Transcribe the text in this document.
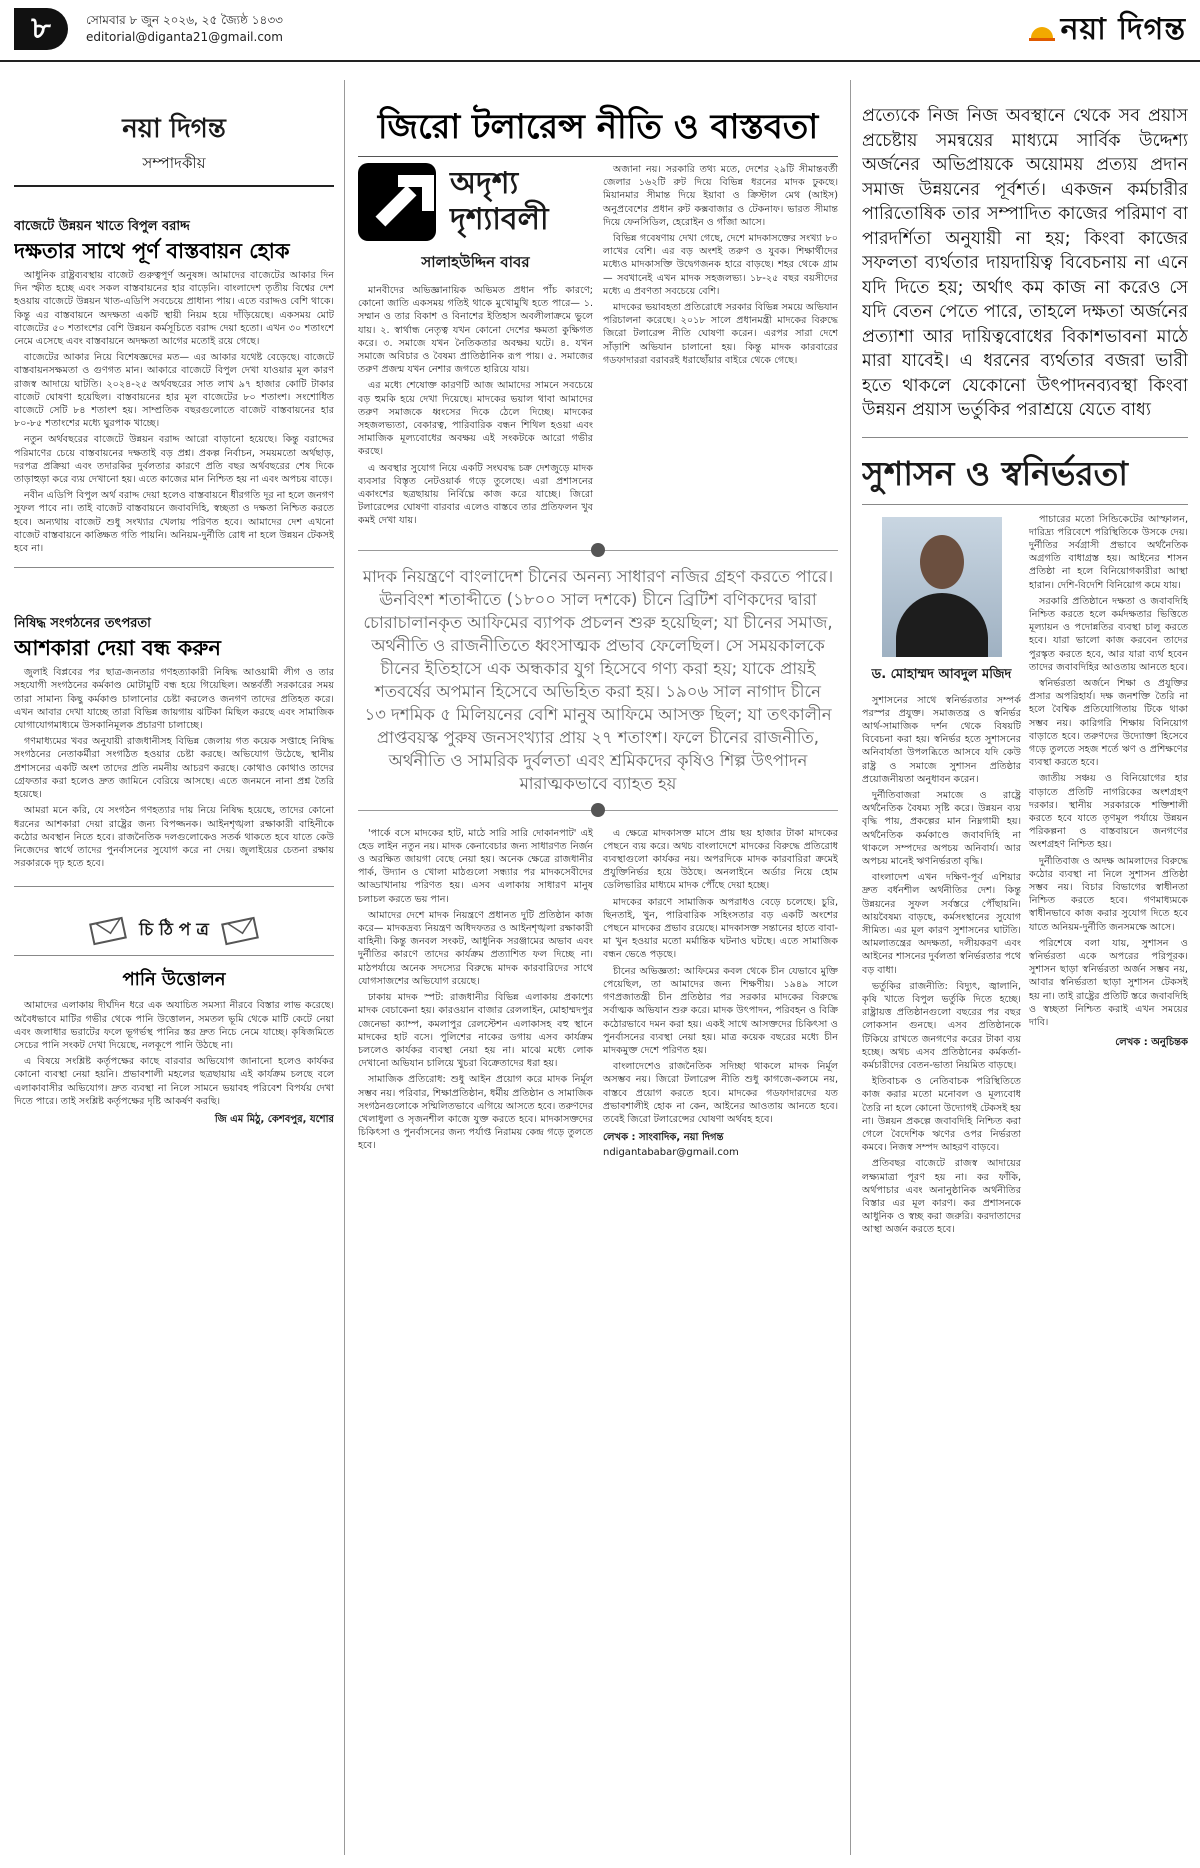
৮	সোমবার ৮ জুন ২০২৬, ২৫ জ্যৈষ্ঠ ১৪৩৩
editorial@diganta21@gmail.com	নয়া দিগন্ত
নয়া দিগন্ত
সম্পাদকীয়
বাজেটে উন্নয়ন খাতে বিপুল বরাদ্দ
দক্ষতার সাথে পূর্ণ বাস্তবায়ন হোক

আধুনিক রাষ্ট্রব্যবস্থায় বাজেট গুরুত্বপূর্ণ অনুষঙ্গ। আমাদের বাজেটের আকার দিন দিন স্ফীত হচ্ছে এবং সকল বাস্তবায়নের হার বাড়েনি। বাংলাদেশ তৃতীয় বিশ্বের দেশ হওয়ায় বাজেটে উন্নয়ন খাত-এডিপি সবচেয়ে প্রাধান্য পায়। এতে বরাদ্দও বেশি থাকে। কিন্তু এর বাস্তবায়নে অদক্ষতা একটি স্থায়ী নিয়ম হয়ে দাঁড়িয়েছে। একসময় মোট বাজেটের ৫০ শতাংশের বেশি উন্নয়ন কর্মসূচিতে বরাদ্দ দেয়া হতো। এখন ৩০ শতাংশে নেমে এসেছে এবং বাস্তবায়নে অদক্ষতা আগের মতোই রয়ে গেছে।

বাজেটের আকার নিয়ে বিশেষজ্ঞদের মত— এর আকার যথেষ্ট বেড়েছে। বাজেটে বাস্তবায়নসক্ষমতা ও গুণগত মান। আকারে বাজেটে বিপুল দেখা যাওয়ার মূল কারণ রাজস্ব আদায়ে ঘাটতি। ২০২৪-২৫ অর্থবছরের সাত লাখ ৯৭ হাজার কোটি টাকার বাজেট ঘোষণা হয়েছিল। বাস্তবায়নের হার মূল বাজেটের ৮০ শতাংশ। সংশোধিত বাজেটে সেটি ৮৪ শতাংশ হয়। সাম্প্রতিক বছরগুলোতে বাজেট বাস্তবায়নের হার ৮০-৮৫ শতাংশের মধ্যে ঘুরপাক খাচ্ছে।

নতুন অর্থবছরের বাজেটে উন্নয়ন বরাদ্দ আরো বাড়ানো হয়েছে। কিন্তু বরাদ্দের পরিমাণের চেয়ে বাস্তবায়নের দক্ষতাই বড় প্রশ্ন। প্রকল্প নির্বাচন, সময়মতো অর্থছাড়, দরপত্র প্রক্রিয়া এবং তদারকির দুর্বলতার কারণে প্রতি বছর অর্থবছরের শেষ দিকে তাড়াহুড়া করে ব্যয় দেখানো হয়। এতে কাজের মান নিশ্চিত হয় না এবং অপচয় বাড়ে।

নবীন এডিপি বিপুল অর্থ বরাদ্দ দেয়া হলেও বাস্তবায়নে ধীরগতি দূর না হলে জনগণ সুফল পাবে না। তাই বাজেট বাস্তবায়নে জবাবদিহি, স্বচ্ছতা ও দক্ষতা নিশ্চিত করতে হবে। অন্যথায় বাজেট শুধু সংখ্যার খেলায় পরিণত হবে। আমাদের দেশ এখনো বাজেট বাস্তবায়নে কাঙ্ক্ষিত গতি পায়নি। অনিয়ম-দুর্নীতি রোধ না হলে উন্নয়ন টেকসই হবে না।

নিষিদ্ধ সংগঠনের তৎপরতা
আশকারা দেয়া বন্ধ করুন

জুলাই বিপ্লবের পর ছাত্র-জনতার গণহত্যাকারী নিষিদ্ধ আওয়ামী লীগ ও তার সহযোগী সংগঠনের কর্মকাণ্ড মোটামুটি বন্ধ হয়ে গিয়েছিল। অন্তর্বর্তী সরকারের সময় তারা সামান্য কিছু কর্মকাণ্ড চালানোর চেষ্টা করলেও জনগণ তাদের প্রতিহত করে। এখন আবার দেখা যাচ্ছে তারা বিভিন্ন জায়গায় ঝটিকা মিছিল করছে এবং সামাজিক যোগাযোগমাধ্যমে উসকানিমূলক প্রচারণা চালাচ্ছে।

গণমাধ্যমের খবর অনুযায়ী রাজধানীসহ বিভিন্ন জেলায় গত কয়েক সপ্তাহে নিষিদ্ধ সংগঠনের নেতাকর্মীরা সংগঠিত হওয়ার চেষ্টা করছে। অভিযোগ উঠেছে, স্থানীয় প্রশাসনের একটি অংশ তাদের প্রতি নমনীয় আচরণ করছে। কোথাও কোথাও তাদের গ্রেফতার করা হলেও দ্রুত জামিনে বেরিয়ে আসছে। এতে জনমনে নানা প্রশ্ন তৈরি হয়েছে।

আমরা মনে করি, যে সংগঠন গণহত্যার দায় নিয়ে নিষিদ্ধ হয়েছে, তাদের কোনো ধরনের আশকারা দেয়া রাষ্ট্রের জন্য বিপজ্জনক। আইনশৃঙ্খলা রক্ষাকারী বাহিনীকে কঠোর অবস্থান নিতে হবে। রাজনৈতিক দলগুলোকেও সতর্ক থাকতে হবে যাতে কেউ নিজেদের স্বার্থে তাদের পুনর্বাসনের সুযোগ করে না দেয়। জুলাইয়ের চেতনা রক্ষায় সরকারকে দৃঢ় হতে হবে।

চি ঠি প ত্র
পানি উত্তোলন

আমাদের এলাকায় দীর্ঘদিন ধরে এক অযাচিত সমস্যা নীরবে বিস্তার লাভ করেছে। অবৈধভাবে মাটির গভীর থেকে পানি উত্তোলন, সমতল ভূমি থেকে মাটি কেটে নেয়া এবং জলাধার ভরাটের ফলে ভূগর্ভস্থ পানির স্তর দ্রুত নিচে নেমে যাচ্ছে। কৃষিজমিতে সেচের পানি সংকট দেখা দিয়েছে, নলকূপে পানি উঠছে না।

এ বিষয়ে সংশ্লিষ্ট কর্তৃপক্ষের কাছে বারবার অভিযোগ জানানো হলেও কার্যকর কোনো ব্যবস্থা নেয়া হয়নি। প্রভাবশালী মহলের ছত্রছায়ায় এই কার্যক্রম চলছে বলে এলাকাবাসীর অভিযোগ। দ্রুত ব্যবস্থা না নিলে সামনে ভয়াবহ পরিবেশ বিপর্যয় দেখা দিতে পারে। তাই সংশ্লিষ্ট কর্তৃপক্ষের দৃষ্টি আকর্ষণ করছি।

জি এম মিঠু, কেশবপুর, যশোর
জিরো টলারেন্স নীতি ও বাস্তবতা
অদৃশ্য দৃশ্যাবলী
সালাহউদ্দিন বাবর

মানবীদের অভিজ্ঞানায়িক অভিমত প্রধান পাঁচ কারণে; কোনো জাতি একসময় গতিই থাকে মুখোমুখি হতে পারে— ১. সম্মান ও তার বিকাশ ও বিনাশের ইতিহাস অবলীলাক্রমে ভুলে যায়। ২. স্বার্থান্ধ নেতৃত্ব যখন কোনো দেশের ক্ষমতা কুক্ষিগত করে। ৩. সমাজে যখন নৈতিকতার অবক্ষয় ঘটে। ৪. যখন সমাজে অবিচার ও বৈষম্য প্রাতিষ্ঠানিক রূপ পায়। ৫. সমাজের তরুণ প্রজন্ম যখন নেশার জগতে হারিয়ে যায়।

এর মধ্যে শেষোক্ত কারণটি আজ আমাদের সামনে সবচেয়ে বড় হুমকি হয়ে দেখা দিয়েছে। মাদকের ভয়াল থাবা আমাদের তরুণ সমাজকে ধ্বংসের দিকে ঠেলে দিচ্ছে। মাদকের সহজলভ্যতা, বেকারত্ব, পারিবারিক বন্ধন শিথিল হওয়া এবং সামাজিক মূল্যবোধের অবক্ষয় এই সংকটকে আরো গভীর করছে।

এ অবস্থার সুযোগ নিয়ে একটি সংঘবদ্ধ চক্র দেশজুড়ে মাদক ব্যবসার বিস্তৃত নেটওয়ার্ক গড়ে তুলেছে। এরা প্রশাসনের একাংশের ছত্রছায়ায় নির্বিঘ্নে কাজ করে যাচ্ছে। জিরো টলারেন্সের ঘোষণা বারবার এলেও বাস্তবে তার প্রতিফলন খুব কমই দেখা যায়।

অজানা নয়। সরকারি তথ্য মতে, দেশের ২৯টি সীমান্তবর্তী জেলার ১৬২টি রুট দিয়ে বিভিন্ন ধরনের মাদক ঢুকছে। মিয়ানমার সীমান্ত দিয়ে ইয়াবা ও ক্রিস্টাল মেথ (আইস) অনুপ্রবেশের প্রধান রুট কক্সবাজার ও টেকনাফ। ভারত সীমান্ত দিয়ে ফেনসিডিল, হেরোইন ও গাঁজা আসে।

বিভিন্ন গবেষণায় দেখা গেছে, দেশে মাদকাসক্তের সংখ্যা ৮০ লাখের বেশি। এর বড় অংশই তরুণ ও যুবক। শিক্ষার্থীদের মধ্যেও মাদকাসক্তি উদ্বেগজনক হারে বাড়ছে। শহর থেকে গ্রাম— সবখানেই এখন মাদক সহজলভ্য। ১৮-২৫ বছর বয়সীদের মধ্যে এ প্রবণতা সবচেয়ে বেশি।

মাদকের ভয়াবহতা প্রতিরোধে সরকার বিভিন্ন সময়ে অভিযান পরিচালনা করেছে। ২০১৮ সালে প্রধানমন্ত্রী মাদকের বিরুদ্ধে জিরো টলারেন্স নীতি ঘোষণা করেন। এরপর সারা দেশে সাঁড়াশি অভিযান চালানো হয়। কিন্তু মাদক কারবারের গডফাদাররা বরাবরই ধরাছোঁয়ার বাইরে থেকে গেছে।

মাদক নিয়ন্ত্রণে বাংলাদেশ চীনের অনন্য সাধারণ নজির গ্রহণ করতে পারে। ঊনবিংশ শতাব্দীতে (১৮০০ সাল দশকে) চীনে ব্রিটিশ বণিকদের দ্বারা চোরাচালানকৃত আফিমের ব্যাপক প্রচলন শুরু হয়েছিল; যা চীনের সমাজ, অর্থনীতি ও রাজনীতিতে ধ্বংসাত্মক প্রভাব ফেলেছিল। সে সময়কালকে চীনের ইতিহাসে এক অন্ধকার যুগ হিসেবে গণ্য করা হয়; যাকে প্রায়ই শতবর্ষের অপমান হিসেবে অভিহিত করা হয়। ১৯০৬ সাল নাগাদ চীনে ১৩ দশমিক ৫ মিলিয়নের বেশি মানুষ আফিমে আসক্ত ছিল; যা তৎকালীন প্রাপ্তবয়স্ক পুরুষ জনসংখ্যার প্রায় ২৭ শতাংশ। ফলে চীনের রাজনীতি, অর্থনীতি ও সামরিক দুর্বলতা এবং শ্রমিকদের কৃষিও শিল্প উৎপাদন মারাত্মকভাবে ব্যাহত হয়

'পার্কে বসে মাদকের হাট, মাঠে সারি সারি দোকানপাট' এই হেড লাইন নতুন নয়। মাদক কেনাবেচার জন্য সাধারণত নির্জন ও অরক্ষিত জায়গা বেছে নেয়া হয়। অনেক ক্ষেত্রে রাজধানীর পার্ক, উদ্যান ও খোলা মাঠগুলো সন্ধ্যার পর মাদকসেবীদের আড্ডাখানায় পরিণত হয়। এসব এলাকায় সাধারণ মানুষ চলাচল করতে ভয় পান।

আমাদের দেশে মাদক নিয়ন্ত্রণে প্রধানত দুটি প্রতিষ্ঠান কাজ করে— মাদকদ্রব্য নিয়ন্ত্রণ অধিদফতর ও আইনশৃঙ্খলা রক্ষাকারী বাহিনী। কিন্তু জনবল সংকট, আধুনিক সরঞ্জামের অভাব এবং দুর্নীতির কারণে তাদের কার্যক্রম প্রত্যাশিত ফল দিচ্ছে না। মাঠপর্যায়ে অনেক সদস্যের বিরুদ্ধে মাদক কারবারিদের সাথে যোগসাজশের অভিযোগ রয়েছে।

ঢাকায় মাদক স্পট: রাজধানীর বিভিন্ন এলাকায় প্রকাশ্যে মাদক বেচাকেনা হয়। কারওয়ান বাজার রেললাইন, মোহাম্মদপুর জেনেভা ক্যাম্প, কমলাপুর রেলস্টেশন এলাকাসহ বহু স্থানে মাদকের হাট বসে। পুলিশের নাকের ডগায় এসব কার্যক্রম চললেও কার্যকর ব্যবস্থা নেয়া হয় না। মাঝে মধ্যে লোক দেখানো অভিযান চালিয়ে খুচরা বিক্রেতাদের ধরা হয়।

সামাজিক প্রতিরোধ: শুধু আইন প্রয়োগ করে মাদক নির্মূল সম্ভব নয়। পরিবার, শিক্ষাপ্রতিষ্ঠান, ধর্মীয় প্রতিষ্ঠান ও সামাজিক সংগঠনগুলোকে সম্মিলিতভাবে এগিয়ে আসতে হবে। তরুণদের খেলাধুলা ও সৃজনশীল কাজে যুক্ত করতে হবে। মাদকাসক্তদের চিকিৎসা ও পুনর্বাসনের জন্য পর্যাপ্ত নিরাময় কেন্দ্র গড়ে তুলতে হবে।

এ ক্ষেত্রে মাদকাসক্ত মাসে প্রায় ছয় হাজার টাকা মাদকের পেছনে ব্যয় করে। অথচ বাংলাদেশে মাদকের বিরুদ্ধে প্রতিরোধ ব্যবস্থাগুলো কার্যকর নয়। অপরদিকে মাদক কারবারিরা ক্রমেই প্রযুক্তিনির্ভর হয়ে উঠছে। অনলাইনে অর্ডার নিয়ে হোম ডেলিভারির মাধ্যমে মাদক পৌঁছে দেয়া হচ্ছে।

মাদকের কারণে সামাজিক অপরাধও বেড়ে চলেছে। চুরি, ছিনতাই, খুন, পারিবারিক সহিংসতার বড় একটি অংশের পেছনে মাদকের প্রভাব রয়েছে। মাদকাসক্ত সন্তানের হাতে বাবা-মা খুন হওয়ার মতো মর্মান্তিক ঘটনাও ঘটছে। এতে সামাজিক বন্ধন ভেঙে পড়ছে।

চীনের অভিজ্ঞতা: আফিমের কবল থেকে চীন যেভাবে মুক্তি পেয়েছিল, তা আমাদের জন্য শিক্ষণীয়। ১৯৪৯ সালে গণপ্রজাতন্ত্রী চীন প্রতিষ্ঠার পর সরকার মাদকের বিরুদ্ধে সর্বাত্মক অভিযান শুরু করে। মাদক উৎপাদন, পরিবহন ও বিক্রি কঠোরভাবে দমন করা হয়। একই সাথে আসক্তদের চিকিৎসা ও পুনর্বাসনের ব্যবস্থা নেয়া হয়। মাত্র কয়েক বছরের মধ্যে চীন মাদকমুক্ত দেশে পরিণত হয়।

বাংলাদেশেও রাজনৈতিক সদিচ্ছা থাকলে মাদক নির্মূল অসম্ভব নয়। জিরো টলারেন্স নীতি শুধু কাগজে-কলমে নয়, বাস্তবে প্রয়োগ করতে হবে। মাদকের গডফাদারদের যত প্রভাবশালীই হোক না কেন, আইনের আওতায় আনতে হবে। তবেই জিরো টলারেন্সের ঘোষণা অর্থবহ হবে।

লেখক : সাংবাদিক, নয়া দিগন্ত
ndigantababar@gmail.com
প্রত্যেকে নিজ নিজ অবস্থানে থেকে সব প্রয়াস প্রচেষ্টায় সমন্বয়ের মাধ্যমে সার্বিক উদ্দেশ্য অর্জনের অভিপ্রায়কে অয়োময় প্রত্যয় প্রদান সমাজ উন্নয়নের পূর্বশর্ত। একজন কর্মচারীর পারিতোষিক তার সম্পাদিত কাজের পরিমাণ বা পারদর্শিতা অনুযায়ী না হয়; কিংবা কাজের সফলতা ব্যর্থতার দায়দায়িত্ব বিবেচনায় না এনে যদি দিতে হয়; অর্থাৎ কম কাজ না করেও সে যদি বেতন পেতে পারে, তাহলে দক্ষতা অর্জনের প্রত্যাশা আর দায়িত্ববোধের বিকাশভাবনা মাঠে মারা যাবেই। এ ধরনের ব্যর্থতার বজরা ভারী হতে থাকলে যেকোনো উৎপাদনব্যবস্থা কিংবা উন্নয়ন প্রয়াস ভর্তুকির পরাশ্রয়ে যেতে বাধ্য
সুশাসন ও স্বনির্ভরতা
ড. মোহাম্মদ আবদুল মজিদ

সুশাসনের সাথে স্বনির্ভরতার সম্পর্ক পরস্পর প্রযুক্ত। সমাজতন্ত্র ও স্বনির্ভর আর্থ-সামাজিক দর্শন থেকে বিষয়টি বিবেচনা করা হয়। স্বনির্ভর হতে সুশাসনের অনিবার্যতা উপলব্ধিতে আসবে যদি কেউ রাষ্ট্র ও সমাজে সুশাসন প্রতিষ্ঠার প্রয়োজনীয়তা অনুধাবন করেন।

দুর্নীতিবাজরা সমাজে ও রাষ্ট্রে অর্থনৈতিক বৈষম্য সৃষ্টি করে। উন্নয়ন ব্যয় বৃদ্ধি পায়, প্রকল্পের মান নিম্নগামী হয়। অর্থনৈতিক কর্মকাণ্ডে জবাবদিহি না থাকলে সম্পদের অপচয় অনিবার্য। আর অপচয় মানেই ঋণনির্ভরতা বৃদ্ধি।

বাংলাদেশ এখন দক্ষিণ-পূর্ব এশিয়ার দ্রুত বর্ধনশীল অর্থনীতির দেশ। কিন্তু উন্নয়নের সুফল সর্বস্তরে পৌঁছায়নি। আয়বৈষম্য বাড়ছে, কর্মসংস্থানের সুযোগ সীমিত। এর মূল কারণ সুশাসনের ঘাটতি। আমলাতন্ত্রের অদক্ষতা, দলীয়করণ এবং আইনের শাসনের দুর্বলতা স্বনির্ভরতার পথে বড় বাধা।

ভর্তুকির রাজনীতি: বিদ্যুৎ, জ্বালানি, কৃষি খাতে বিপুল ভর্তুকি দিতে হচ্ছে। রাষ্ট্রায়ত্ত প্রতিষ্ঠানগুলো বছরের পর বছর লোকসান গুনছে। এসব প্রতিষ্ঠানকে টিকিয়ে রাখতে জনগণের করের টাকা ব্যয় হচ্ছে। অথচ এসব প্রতিষ্ঠানের কর্মকর্তা-কর্মচারীদের বেতন-ভাতা নিয়মিত বাড়ছে।

ইতিবাচক ও নেতিবাচক পরিস্থিতিতে কাজ করার মতো মনোবল ও মূল্যবোধ তৈরি না হলে কোনো উদ্যোগই টেকসই হয় না। উন্নয়ন প্রকল্পে জবাবদিহি নিশ্চিত করা গেলে বৈদেশিক ঋণের ওপর নির্ভরতা কমবে। নিজস্ব সম্পদ আহরণ বাড়বে।

প্রতিবছর বাজেটে রাজস্ব আদায়ের লক্ষ্যমাত্রা পূরণ হয় না। কর ফাঁকি, অর্থপাচার এবং অনানুষ্ঠানিক অর্থনীতির বিস্তার এর মূল কারণ। কর প্রশাসনকে আধুনিক ও স্বচ্ছ করা জরুরি। করদাতাদের আস্থা অর্জন করতে হবে।

পাচারের মতো সিন্ডিকেটের আস্ফালন, দারিদ্র্য পরিবেশে পরিস্থিতিকে উসকে দেয়। দুর্নীতির সর্বগ্রাসী প্রভাবে অর্থনৈতিক অগ্রগতি বাধাগ্রস্ত হয়। আইনের শাসন প্রতিষ্ঠা না হলে বিনিয়োগকারীরা আস্থা হারান। দেশি-বিদেশি বিনিয়োগ কমে যায়।

সরকারি প্রতিষ্ঠানে দক্ষতা ও জবাবদিহি নিশ্চিত করতে হলে কর্মদক্ষতার ভিত্তিতে মূল্যায়ন ও পদোন্নতির ব্যবস্থা চালু করতে হবে। যারা ভালো কাজ করবেন তাদের পুরস্কৃত করতে হবে, আর যারা ব্যর্থ হবেন তাদের জবাবদিহির আওতায় আনতে হবে।

স্বনির্ভরতা অর্জনে শিক্ষা ও প্রযুক্তির প্রসার অপরিহার্য। দক্ষ জনশক্তি তৈরি না হলে বৈশ্বিক প্রতিযোগিতায় টিকে থাকা সম্ভব নয়। কারিগরি শিক্ষায় বিনিয়োগ বাড়াতে হবে। তরুণদের উদ্যোক্তা হিসেবে গড়ে তুলতে সহজ শর্তে ঋণ ও প্রশিক্ষণের ব্যবস্থা করতে হবে।

জাতীয় সঞ্চয় ও বিনিয়োগের হার বাড়াতে প্রতিটি নাগরিকের অংশগ্রহণ দরকার। স্থানীয় সরকারকে শক্তিশালী করতে হবে যাতে তৃণমূল পর্যায়ে উন্নয়ন পরিকল্পনা ও বাস্তবায়নে জনগণের অংশগ্রহণ নিশ্চিত হয়।

দুর্নীতিবাজ ও অদক্ষ আমলাদের বিরুদ্ধে কঠোর ব্যবস্থা না নিলে সুশাসন প্রতিষ্ঠা সম্ভব নয়। বিচার বিভাগের স্বাধীনতা নিশ্চিত করতে হবে। গণমাধ্যমকে স্বাধীনভাবে কাজ করার সুযোগ দিতে হবে যাতে অনিয়ম-দুর্নীতি জনসমক্ষে আসে।

পরিশেষে বলা যায়, সুশাসন ও স্বনির্ভরতা একে অপরের পরিপূরক। সুশাসন ছাড়া স্বনির্ভরতা অর্জন সম্ভব নয়, আবার স্বনির্ভরতা ছাড়া সুশাসন টেকসই হয় না। তাই রাষ্ট্রের প্রতিটি স্তরে জবাবদিহি ও স্বচ্ছতা নিশ্চিত করাই এখন সময়ের দাবি।

লেখক : অনুচিন্তক
